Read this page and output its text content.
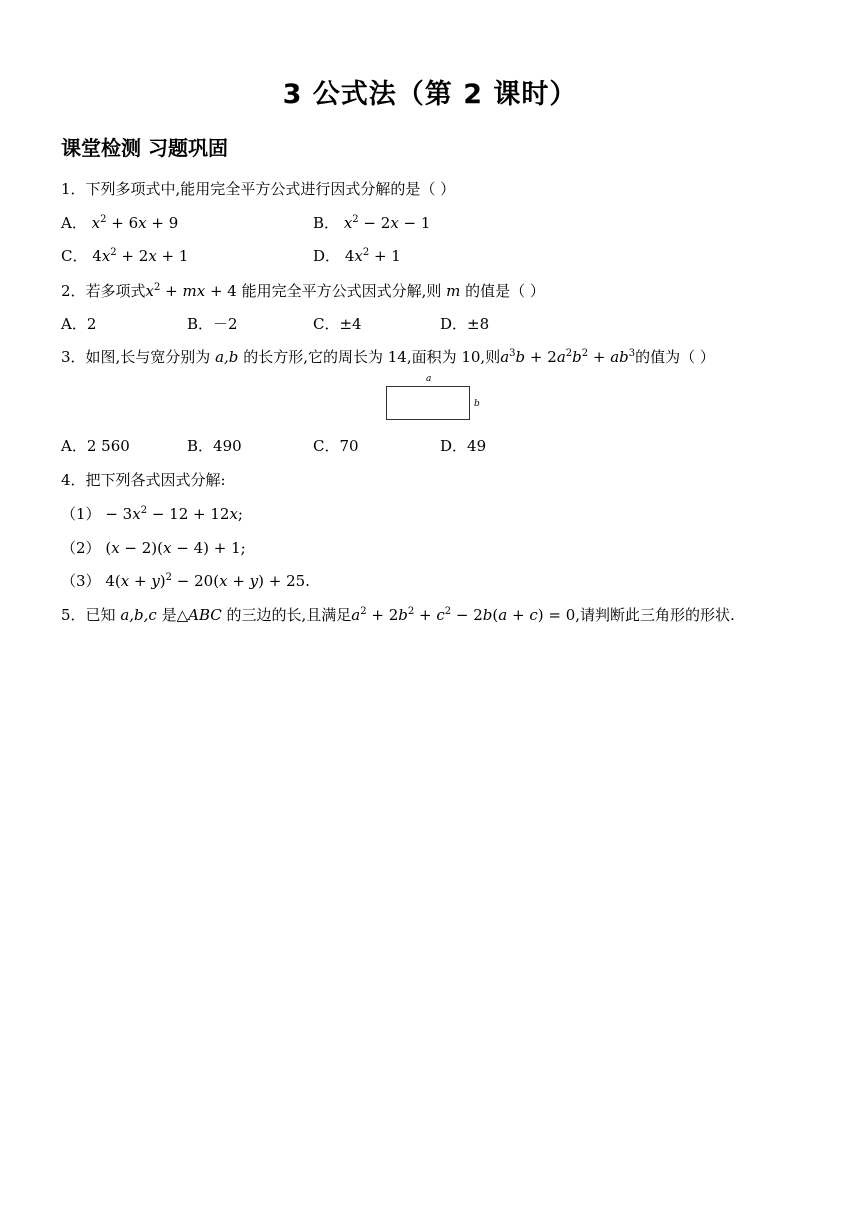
3 公式法（第 2 课时）
课堂检测 习题巩固
1．下列多项式中,能用完全平方公式进行因式分解的是（ ）
A． $x^2 + 6x + 9$	B． $x^2 - 2x - 1$
C． $4x^2 + 2x + 1$	D． $4x^2 + 1$
2．若多项式$x^2$ + mx + 4 能用完全平方公式因式分解,则 m 的值是（ ）
A．2	B．－2	C．±4	D．±8
3．如图,长与宽分别为 a,b 的长方形,它的周长为 14,面积为 10,则$a^3b + 2a^2b^2 + ab^3$的值为（ ）
a
b
A．2 560	B．490	C．70	D．49
4．把下列各式因式分解:
$(1) - 3x^2 - 12 + 12x$;
（2） (x − 2)(x − 4) + 1;
（3） $4(x + y)^2 - 20(x + y) + 25$.
5．已知 a,b,c 是△ABC 的三边的长,且满足$a^2 + 2b^2 + c^2 - 2b(a + c) = 0$,请判断此三角形的形状.
